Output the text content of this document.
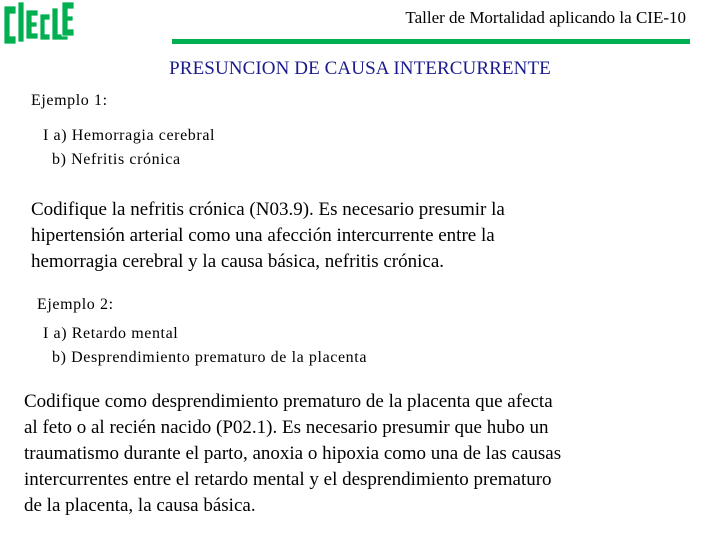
Taller de Mortalidad aplicando la CIE-10
PRESUNCION DE CAUSA INTERCURRENTE
Ejemplo 1:
I a) Hemorragia cerebral
b) Nefritis crónica
Codifique la nefritis crónica (N03.9). Es necesario presumir la
hipertensión arterial como una afección intercurrente entre la
hemorragia cerebral y la causa básica, nefritis crónica.
Ejemplo 2:
I a) Retardo mental
b) Desprendimiento prematuro de la placenta
Codifique como desprendimiento prematuro de la placenta que afecta
al feto o al recién nacido (P02.1). Es necesario presumir que hubo un
traumatismo durante el parto, anoxia o hipoxia como una de las causas
intercurrentes entre el retardo mental y el desprendimiento prematuro
de la placenta, la causa básica.
